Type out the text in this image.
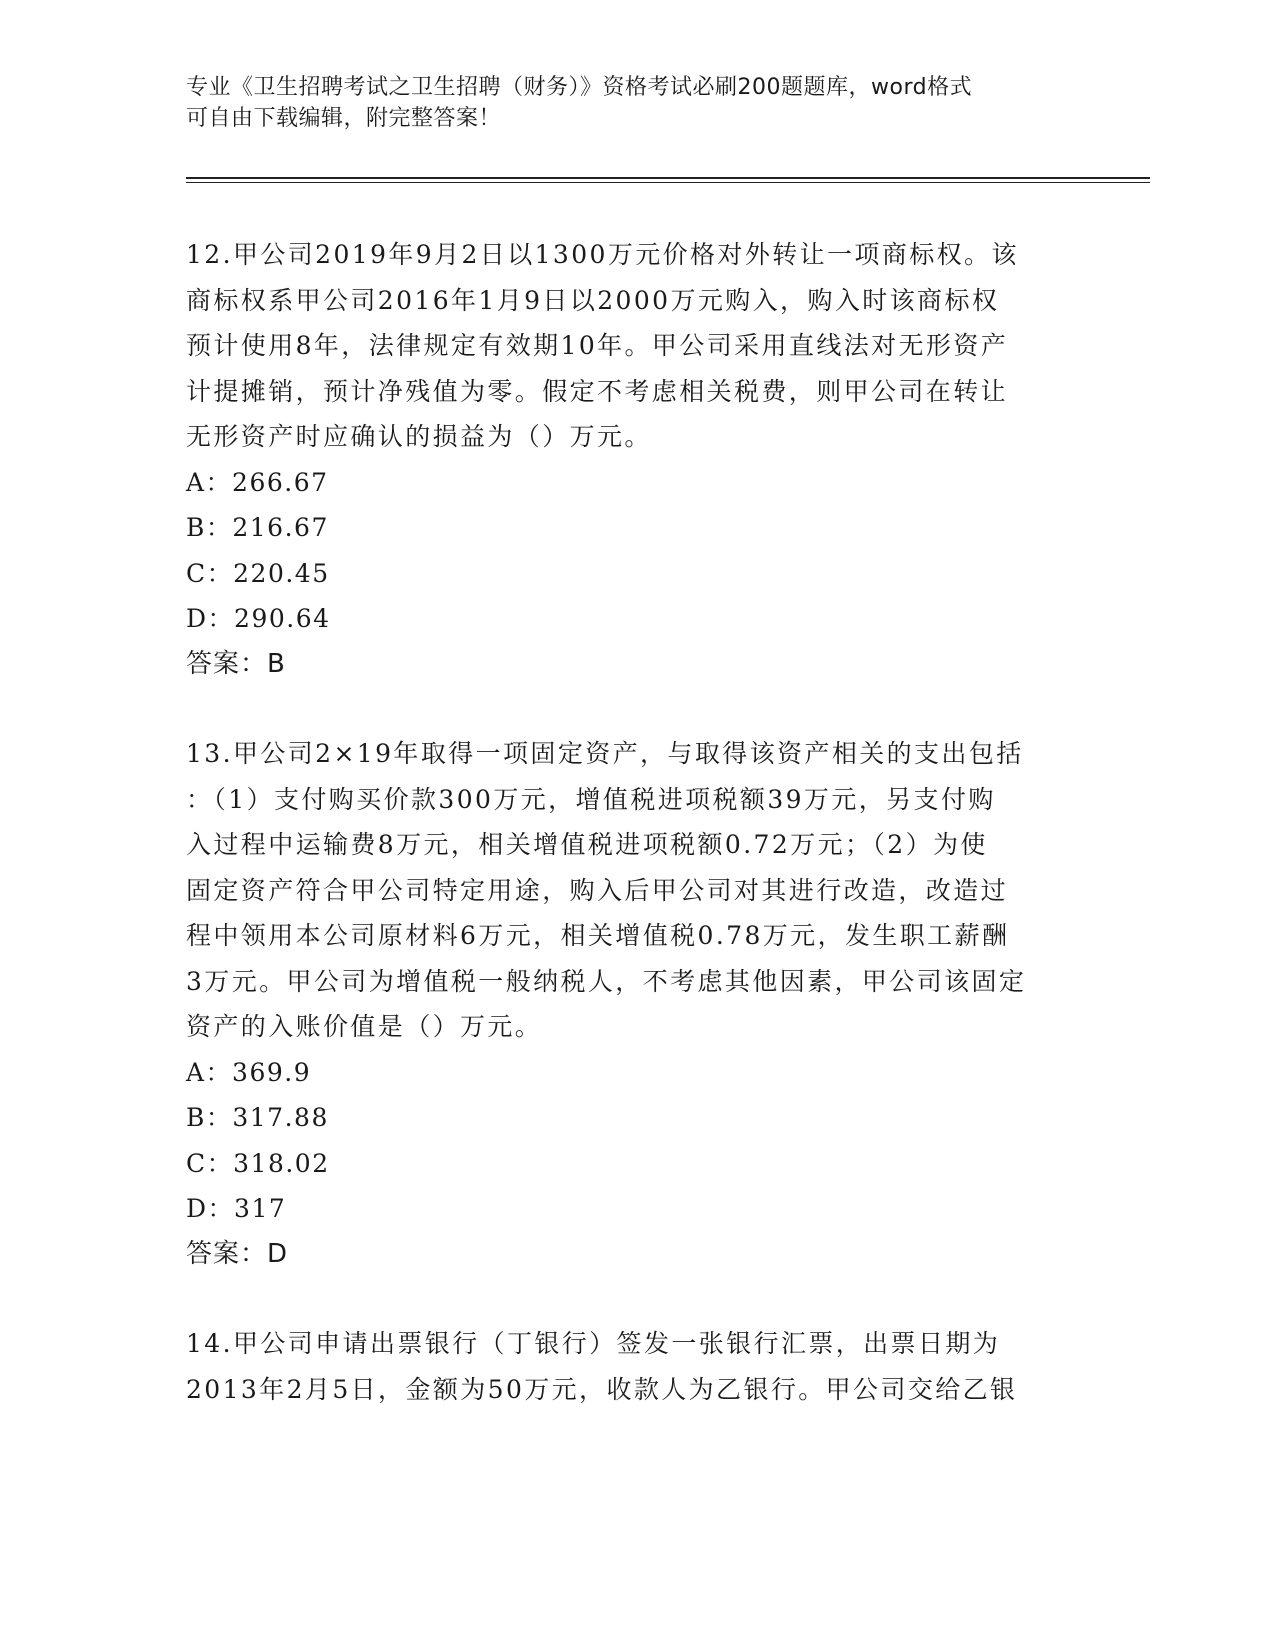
专业《卫生招聘考试之卫生招聘（财务）》资格考试必刷200题题库，word格式
可自由下载编辑，附完整答案！

12.甲公司2019年9月2日以1300万元价格对外转让一项商标权。该

商标权系甲公司2016年1月9日以2000万元购入，购入时该商标权

预计使用8年，法律规定有效期10年。甲公司采用直线法对无形资产

计提摊销，预计净残值为零。假定不考虑相关税费，则甲公司在转让

无形资产时应确认的损益为（）万元。

A：266.67

B：216.67

C：220.45

D：290.64

答案：B

13.甲公司2×19年取得一项固定资产，与取得该资产相关的支出包括

：（1）支付购买价款300万元，增值税进项税额39万元，另支付购

入过程中运输费8万元，相关增值税进项税额0.72万元；（2）为使

固定资产符合甲公司特定用途，购入后甲公司对其进行改造，改造过

程中领用本公司原材料6万元，相关增值税0.78万元，发生职工薪酬

3万元。甲公司为增值税一般纳税人，不考虑其他因素，甲公司该固定

资产的入账价值是（）万元。

A：369.9

B：317.88

C：318.02

D：317

答案：D

14.甲公司申请出票银行（丁银行）签发一张银行汇票，出票日期为

2013年2月5日，金额为50万元，收款人为乙银行。甲公司交给乙银
